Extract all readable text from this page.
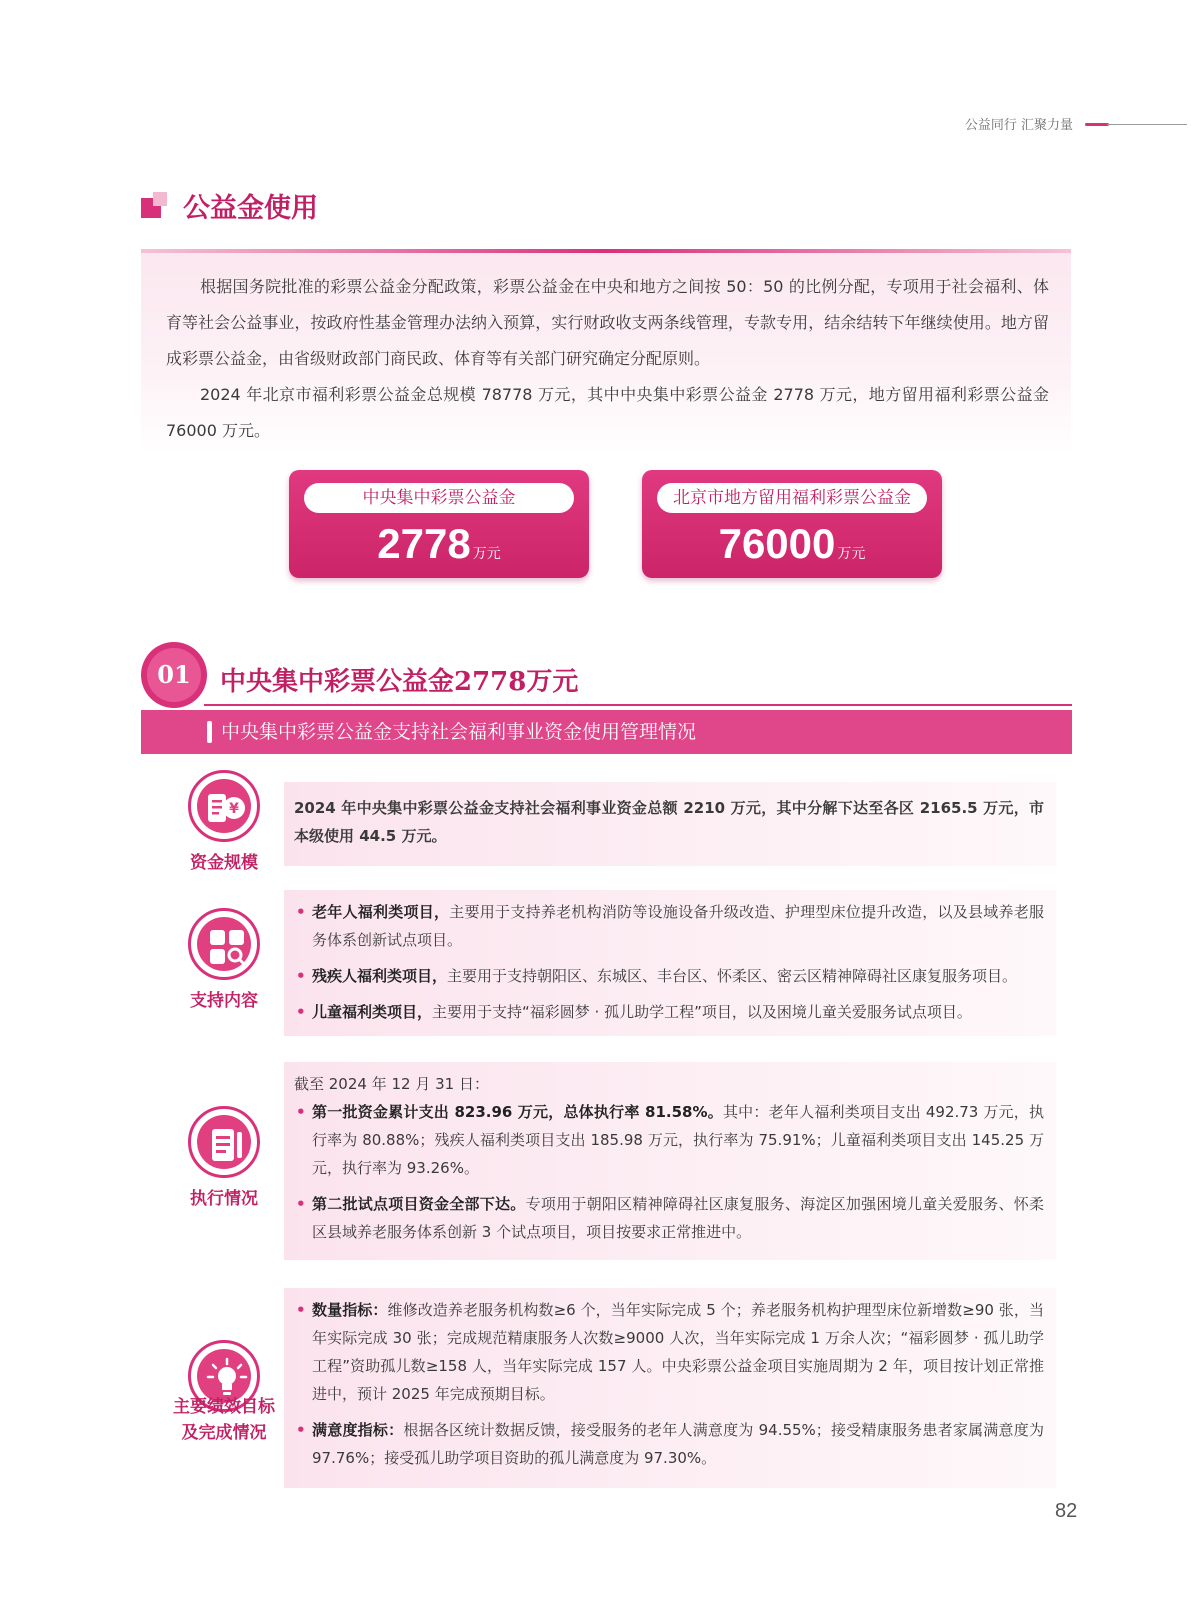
公益同行 汇聚力量
公益金使用

根据国务院批准的彩票公益金分配政策，彩票公益金在中央和地方之间按 50：50 的比例分配，专项用于社会福利、体育等社会公益事业，按政府性基金管理办法纳入预算，实行财政收支两条线管理，专款专用，结余结转下年继续使用。地方留成彩票公益金，由省级财政部门商民政、体育等有关部门研究确定分配原则。

2024 年北京市福利彩票公益金总规模 78778 万元，其中中央集中彩票公益金 2778 万元，地方留用福利彩票公益金 76000 万元。

中央集中彩票公益金
2778 万元
北京市地方留用福利彩票公益金
76000 万元
01	中央集中彩票公益金2778万元
中央集中彩票公益金支持社会福利事业资金使用管理情况
¥
资金规模
2024 年中央集中彩票公益金支持社会福利事业资金总额 2210 万元，其中分解下达至各区 2165.5 万元，市本级使用 44.5 万元。
支持内容
• 老年人福利类项目，主要用于支持养老机构消防等设施设备升级改造、护理型床位提升改造，以及县域养老服务体系创新试点项目。
• 残疾人福利类项目，主要用于支持朝阳区、东城区、丰台区、怀柔区、密云区精神障碍社区康复服务项目。
• 儿童福利类项目，主要用于支持“福彩圆梦 · 孤儿助学工程”项目，以及困境儿童关爱服务试点项目。
执行情况
截至 2024 年 12 月 31 日：
• 第一批资金累计支出 823.96 万元，总体执行率 81.58%。其中：老年人福利类项目支出 492.73 万元，执行率为 80.88%；残疾人福利类项目支出 185.98 万元，执行率为 75.91%；儿童福利类项目支出 145.25 万元，执行率为 93.26%。
• 第二批试点项目资金全部下达。专项用于朝阳区精神障碍社区康复服务、海淀区加强困境儿童关爱服务、怀柔区县域养老服务体系创新 3 个试点项目，项目按要求正常推进中。
主要绩效目标
及完成情况
• 数量指标：维修改造养老服务机构数≥6 个，当年实际完成 5 个；养老服务机构护理型床位新增数≥90 张，当年实际完成 30 张；完成规范精康服务人次数≥9000 人次，当年实际完成 1 万余人次；“福彩圆梦 · 孤儿助学工程”资助孤儿数≥158 人，当年实际完成 157 人。中央彩票公益金项目实施周期为 2 年，项目按计划正常推进中，预计 2025 年完成预期目标。
• 满意度指标：根据各区统计数据反馈，接受服务的老年人满意度为 94.55%；接受精康服务患者家属满意度为 97.76%；接受孤儿助学项目资助的孤儿满意度为 97.30%。
82
